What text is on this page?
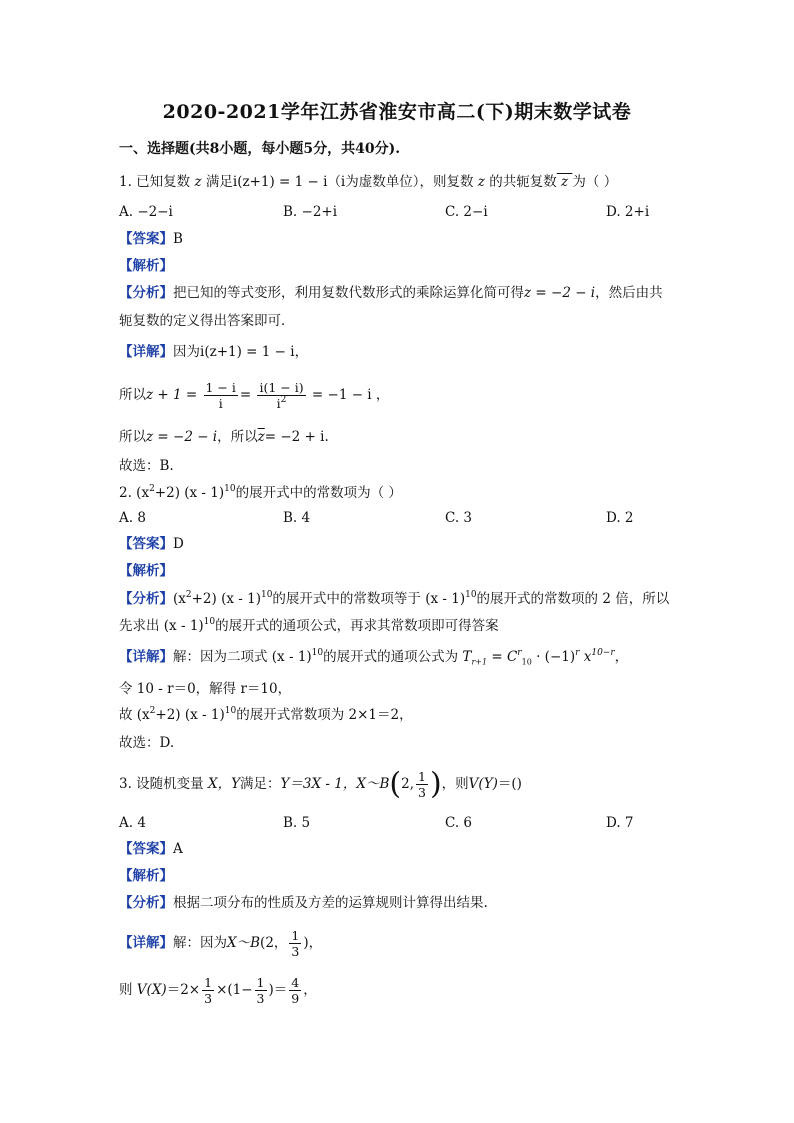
2020-2021学年江苏省淮安市高二(下)期末数学试卷
一、选择题(共8小题，每小题5分，共40分).
1. 已知复数 z 满足i(z+1) = 1 − i（i为虚数单位），则复数 z 的共轭复数 z 为（ ）
A. −2−i	B. −2+i	C. 2−i	D. 2+i
【答案】B
【解析】
【分析】把已知的等式变形，利用复数代数形式的乘除运算化简可得z = −2 − i，然后由共
轭复数的定义得出答案即可．
【详解】因为i(z+1) = 1 − i，
所以$z + 1 = \frac{1 - i}{i} = \frac{i(1 - i)}{i^2} = -1 - i$ ，
所以z = −2 − i，所以$\overline{z}= -2 + i$.
故选：B.
2. $(x^2+2)$ (x - 1)$^{10}$的展开式中的常数项为（ ）
A. 8	B. 4	C. 3	D. 2
【答案】D
【解析】
【分析】$(x^2+2)$ (x - 1)$^{10}$的展开式中的常数项等于 (x - 1)$^{10}$的展开式的常数项的 2 倍，所以
先求出 (x - 1)$^{10}$的展开式的通项公式，再求其常数项即可得答案
【详解】解：因为二项式 (x - 1)$^{10}$的展开式的通项公式为 $T_{r+1} = C^r_{10} \cdot (-1)^r$ $x^{10-r}$，
令 10 - r＝0，解得 r＝10，
故 $(x^2+2)$ (x - 1)$^{10}$的展开式常数项为 2×1＝2，
故选：D.
3. 设随机变量 X，Y满足：Y＝3X - 1，X～B(2, $\frac{1}{3}$ )，则V(Y)＝()
A. 4	B. 5	C. 6	D. 7
【答案】A
【解析】
【分析】根据二项分布的性质及方差的运算规则计算得出结果.
【详解】解：因为X～B(2， $\frac{1}{3}$ )，
则 $V(X)=2\times \frac{1}{3} \times(1- \frac{1}{3}$ )＝ $\frac{4}{9}$ ，
